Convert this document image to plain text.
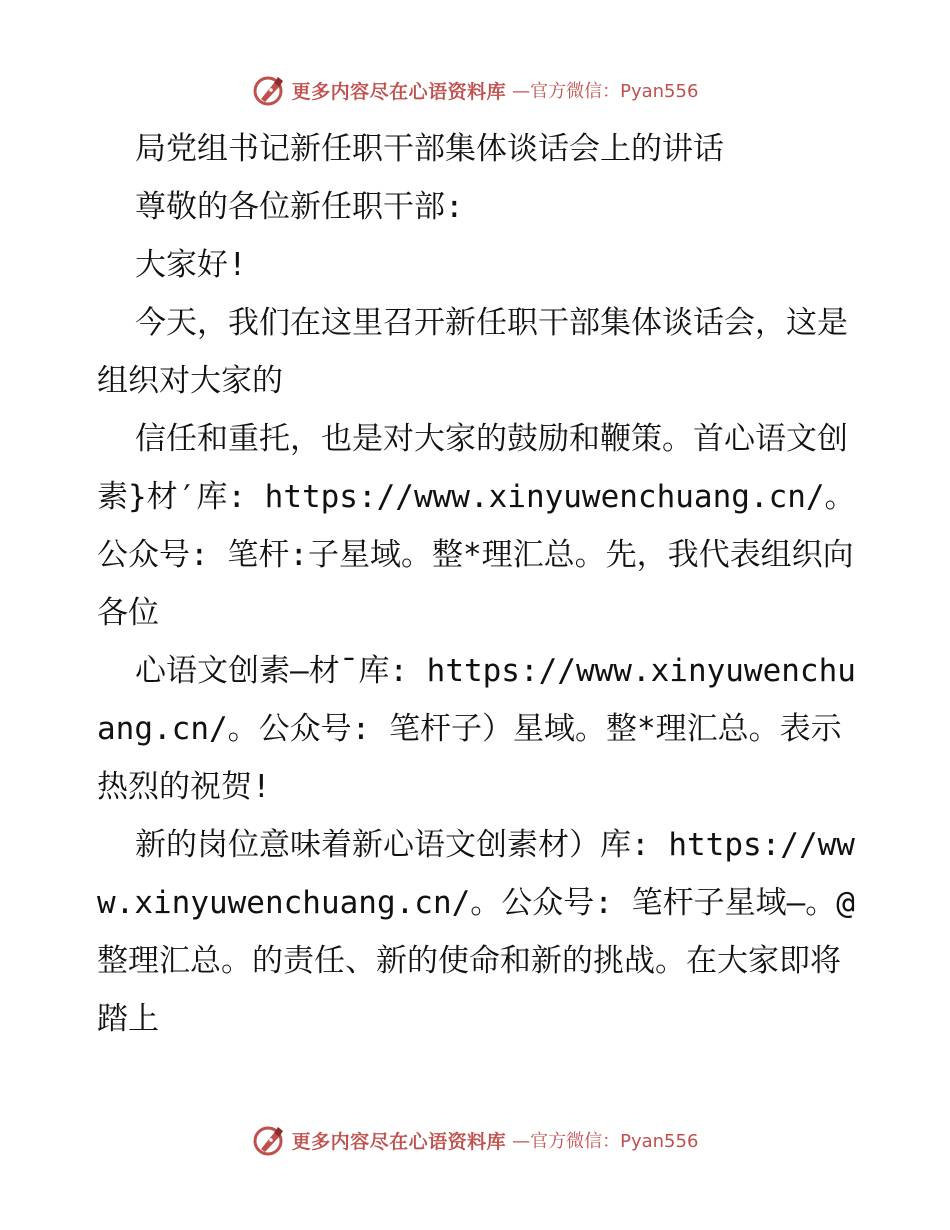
更多内容尽在心语资料库 —官方微信：Pyan556

局党组书记新任职干部集体谈话会上的讲话

尊敬的各位新任职干部:

大家好!

今天，我们在这里召开新任职干部集体谈话会，这是组织对大家的

信任和重托，也是对大家的鼓励和鞭策。首心语文创素}材′库: https://www.xinyuwenchuang.cn/。公众号: 笔杆:子星域。整*理汇总。先，我代表组织向各位

心语文创素—材¯库: https://www.xinyuwenchuang.cn/。公众号: 笔杆子）星域。整*理汇总。表示热烈的祝贺!

新的岗位意味着新心语文创素材）库: https://www.xinyuwenchuang.cn/。公众号: 笔杆子星域—。@整理汇总。的责任、新的使命和新的挑战。在大家即将踏上

更多内容尽在心语资料库 —官方微信：Pyan556
